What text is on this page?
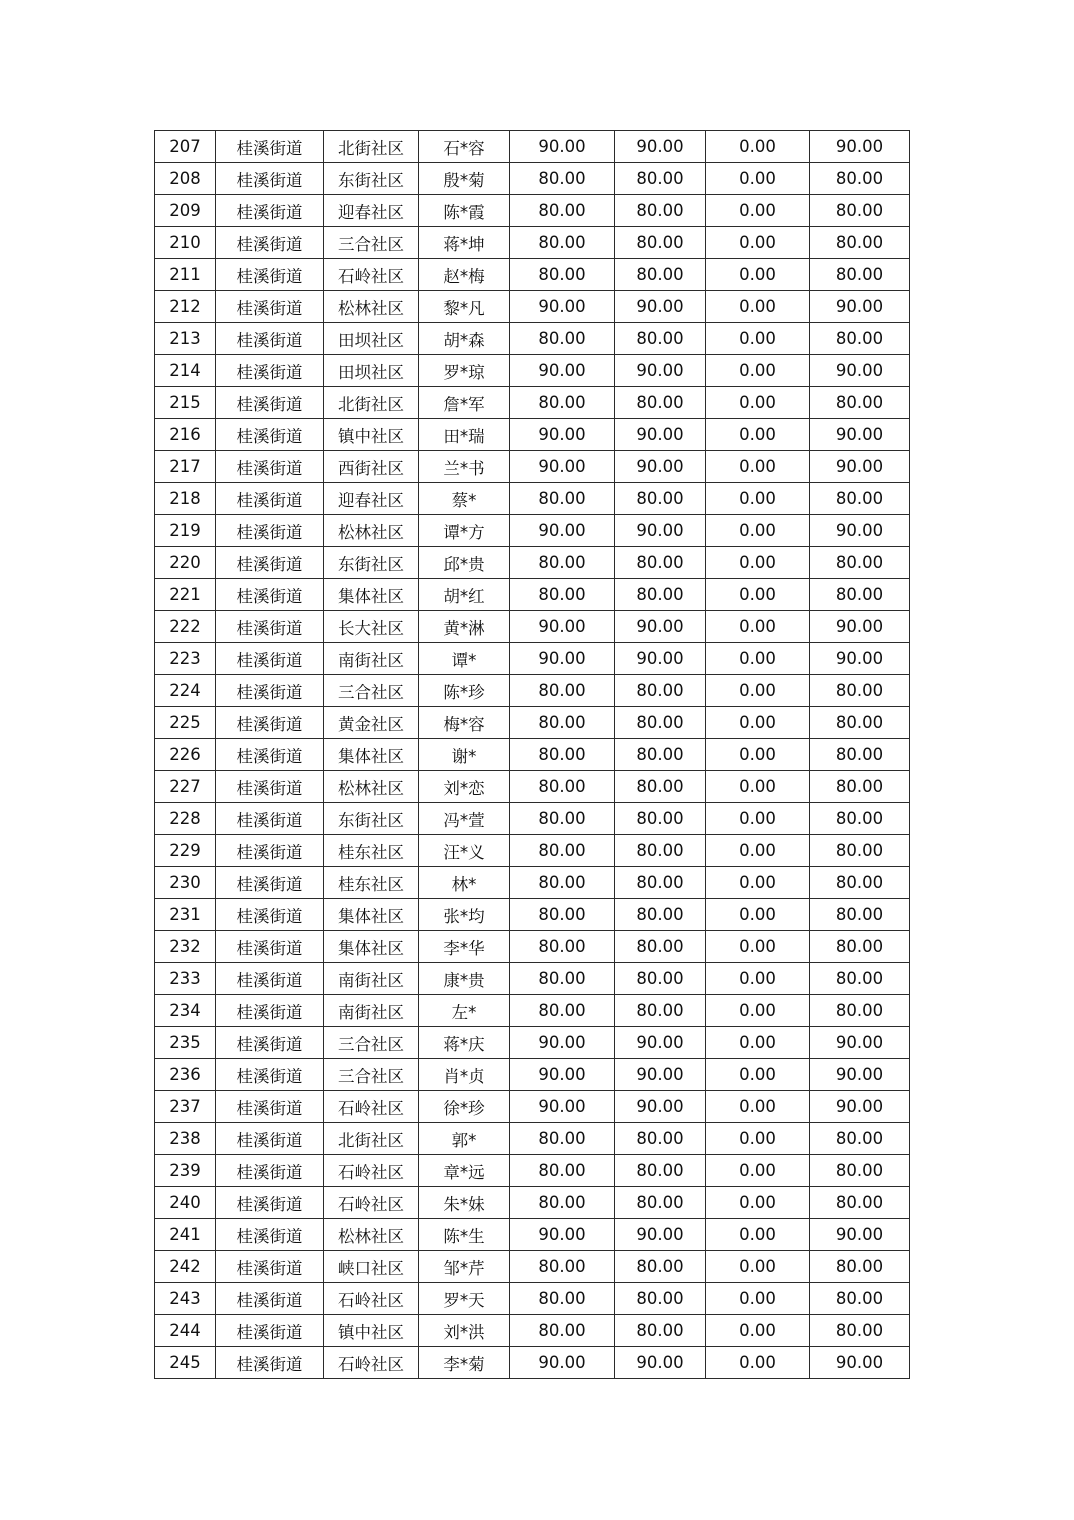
207	桂溪街道	北街社区	石*容	90.00	90.00	0.00	90.00
208	桂溪街道	东街社区	殷*菊	80.00	80.00	0.00	80.00
209	桂溪街道	迎春社区	陈*霞	80.00	80.00	0.00	80.00
210	桂溪街道	三合社区	蒋*坤	80.00	80.00	0.00	80.00
211	桂溪街道	石岭社区	赵*梅	80.00	80.00	0.00	80.00
212	桂溪街道	松林社区	黎*凡	90.00	90.00	0.00	90.00
213	桂溪街道	田坝社区	胡*森	80.00	80.00	0.00	80.00
214	桂溪街道	田坝社区	罗*琼	90.00	90.00	0.00	90.00
215	桂溪街道	北街社区	詹*军	80.00	80.00	0.00	80.00
216	桂溪街道	镇中社区	田*瑞	90.00	90.00	0.00	90.00
217	桂溪街道	西街社区	兰*书	90.00	90.00	0.00	90.00
218	桂溪街道	迎春社区	蔡*	80.00	80.00	0.00	80.00
219	桂溪街道	松林社区	谭*方	90.00	90.00	0.00	90.00
220	桂溪街道	东街社区	邱*贵	80.00	80.00	0.00	80.00
221	桂溪街道	集体社区	胡*红	80.00	80.00	0.00	80.00
222	桂溪街道	长大社区	黄*淋	90.00	90.00	0.00	90.00
223	桂溪街道	南街社区	谭*	90.00	90.00	0.00	90.00
224	桂溪街道	三合社区	陈*珍	80.00	80.00	0.00	80.00
225	桂溪街道	黄金社区	梅*容	80.00	80.00	0.00	80.00
226	桂溪街道	集体社区	谢*	80.00	80.00	0.00	80.00
227	桂溪街道	松林社区	刘*恋	80.00	80.00	0.00	80.00
228	桂溪街道	东街社区	冯*萱	80.00	80.00	0.00	80.00
229	桂溪街道	桂东社区	汪*义	80.00	80.00	0.00	80.00
230	桂溪街道	桂东社区	林*	80.00	80.00	0.00	80.00
231	桂溪街道	集体社区	张*均	80.00	80.00	0.00	80.00
232	桂溪街道	集体社区	李*华	80.00	80.00	0.00	80.00
233	桂溪街道	南街社区	康*贵	80.00	80.00	0.00	80.00
234	桂溪街道	南街社区	左*	80.00	80.00	0.00	80.00
235	桂溪街道	三合社区	蒋*庆	90.00	90.00	0.00	90.00
236	桂溪街道	三合社区	肖*贞	90.00	90.00	0.00	90.00
237	桂溪街道	石岭社区	徐*珍	90.00	90.00	0.00	90.00
238	桂溪街道	北街社区	郭*	80.00	80.00	0.00	80.00
239	桂溪街道	石岭社区	章*远	80.00	80.00	0.00	80.00
240	桂溪街道	石岭社区	朱*妹	80.00	80.00	0.00	80.00
241	桂溪街道	松林社区	陈*生	90.00	90.00	0.00	90.00
242	桂溪街道	峡口社区	邹*芹	80.00	80.00	0.00	80.00
243	桂溪街道	石岭社区	罗*天	80.00	80.00	0.00	80.00
244	桂溪街道	镇中社区	刘*洪	80.00	80.00	0.00	80.00
245	桂溪街道	石岭社区	李*菊	90.00	90.00	0.00	90.00
